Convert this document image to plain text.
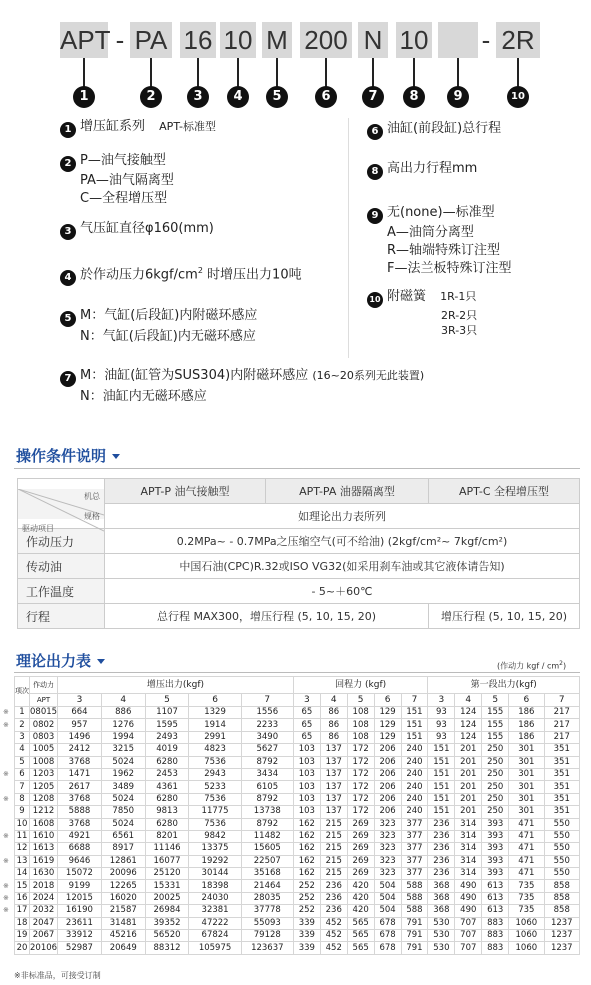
APT - PA 16 10 M 200 N 10 - 2R
1	2	3	4	5	6	7	8	9	10
1 增压缸系列 APT-标准型
2 P—油气接触型

PA—油气隔离型
C—全程增压型
3 气压缸直径φ160(mm)
4 於作动压力$6kgf/cm^2$ 时增压出力10吨
5 M：气缸(后段缸)内附磁环感应
N：气缸(后段缸)内无磁环感应
7 M：油缸(缸管为SUS304)内附磁环感应 (16~20系列无此装置)
N：油缸内无磁环感应
6 油缸(前段缸)总行程
8 高出力行程mm
9 无(none)—标准型
A—油筒分离型
R—轴端特殊订注型
F—法兰板特殊订注型
10 附磁簧 1R-1只
2R-2只
3R-3只
操作条件说明
机总
规格
驱动项目	APT-P 油气接触型	APT-PA 油器隔离型	APT-C 全程增压型
	如理论出力表所列		
作动压力	0.2MPa~ - 0.7MPa之压缩空气(可不给油) (2kgf/cm²~ 7kgf/cm²)		
传动油	中国石油(CPC)R.32或ISO VG32(如采用刹车油或其它液体请告知)		
工作温度	- 5~＋60℃		
行程	总行程 MAX300，增压行程 (5, 10, 15, 20)		增压行程 (5, 10, 15, 20)
理论出力表	(作动力 kgf / $cm^2$)
项次	作动力	增压出力(kgf)					回程力 (kgf)					第一段出力(kgf)				
	APT	3	4	5	6	7	3	4	5	6	7	3	4	5	6	7

※ 1	08015	664	886	1107	1329	1556	65	86	108	129	151	93	124	155	186	217

※ 2	0802	957	1276	1595	1914	2233	65	86	108	129	151	93	124	155	186	217

3	0803	1496	1994	2493	2991	3490	65	86	108	129	151	93	124	155	186	217

4	1005	2412	3215	4019	4823	5627	103	137	172	206	240	151	201	250	301	351

5	1008	3768	5024	6280	7536	8792	103	137	172	206	240	151	201	250	301	351

※ 6	1203	1471	1962	2453	2943	3434	103	137	172	206	240	151	201	250	301	351

7	1205	2617	3489	4361	5233	6105	103	137	172	206	240	151	201	250	301	351

※ 8	1208	3768	5024	6280	7536	8792	103	137	172	206	240	151	201	250	301	351

9	1212	5888	7850	9813	11775	13738	103	137	172	206	240	151	201	250	301	351

10	1608	3768	5024	6280	7536	8792	162	215	269	323	377	236	314	393	471	550

※ 11	1610	4921	6561	8201	9842	11482	162	215	269	323	377	236	314	393	471	550

12	1613	6688	8917	11146	13375	15605	162	215	269	323	377	236	314	393	471	550

※ 13	1619	9646	12861	16077	19292	22507	162	215	269	323	377	236	314	393	471	550

14	1630	15072	20096	25120	30144	35168	162	215	269	323	377	236	314	393	471	550

※ 15	2018	9199	12265	15331	18398	21464	252	236	420	504	588	368	490	613	735	858

※ 16	2024	12015	16020	20025	24030	28035	252	236	420	504	588	368	490	613	735	858

※ 17	2032	16190	21587	26984	32381	37778	252	236	420	504	588	368	490	613	735	858

18	2047	23611	31481	39352	47222	55093	339	452	565	678	791	530	707	883	1060	1237

19	2067	33912	45216	56520	67824	79128	339	452	565	678	791	530	707	883	1060	1237

20	20106	52987	20649	88312	105975	123637	339	452	565	678	791	530	707	883	1060	1237
※非标准品，可接受订制
